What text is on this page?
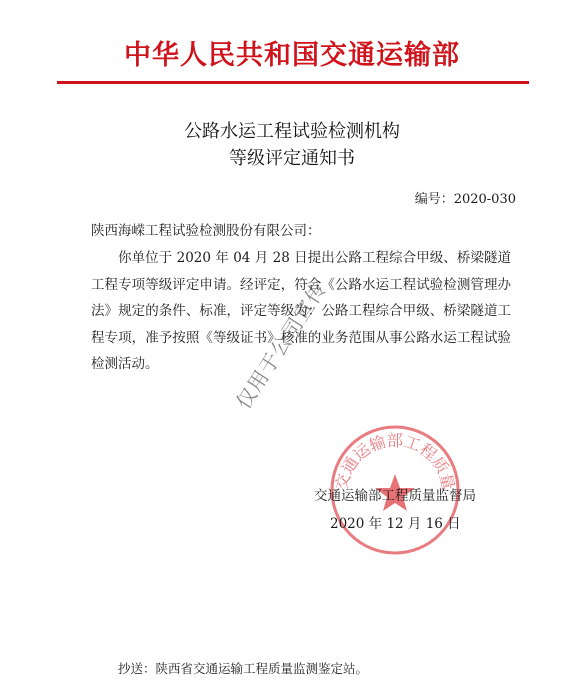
中华人民共和国交通运输部
公路水运工程试验检测机构
等级评定通知书
编号：2020-030
陕西海嵘工程试验检测股份有限公司：
你单位于 2020 年 04 月 28 日提出公路工程综合甲级、桥梁隧道工程专项等级评定申请。经评定，符合《公路水运工程试验检测管理办法》规定的条件、标准，评定等级为：公路工程综合甲级、桥梁隧道工程专项，准予按照《等级证书》核准的业务范围从事公路水运工程试验检测活动。
交通运输部工程质量
交通运输部工程质量监督局
2020 年 12 月 16 日
仅用于公司宣传
抄送：陕西省交通运输工程质量监测鉴定站。
